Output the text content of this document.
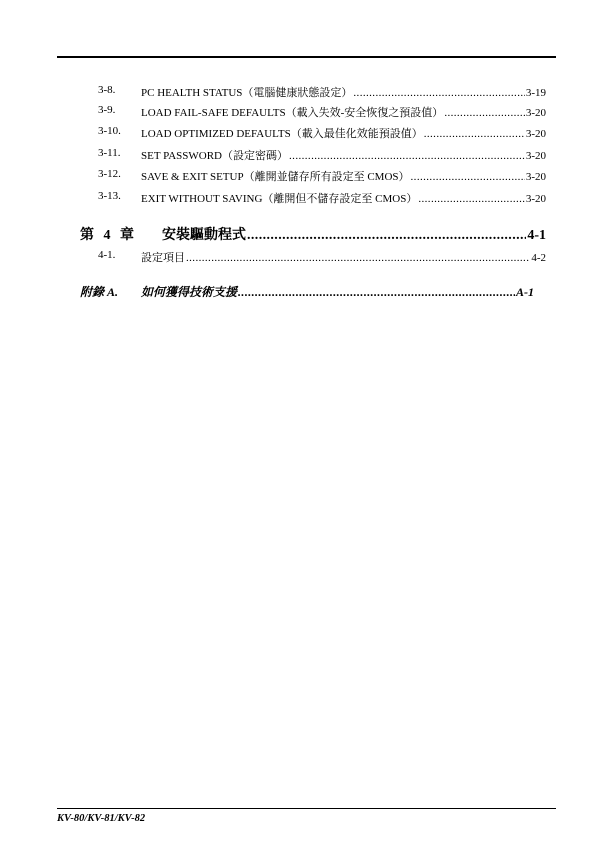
3-8. PC HEALTH STATUS（電腦健康狀態設定） .....	3-19
3-9. LOAD FAIL-SAFE DEFAULTS（載入失效-安全恢復之預設值） .....	3-20
3-10. LOAD OPTIMIZED DEFAULTS（載入最佳化效能預設值） .....	3-20
3-11. SET PASSWORD（設定密碼） .....	3-20
3-12. SAVE & EXIT SETUP（離開並儲存所有設定至 CMOS） .....	3-20
3-13. EXIT WITHOUT SAVING（離開但不儲存設定至 CMOS） .....	3-20
第 4 章 安裝驅動程式 .....	4-1
4-1. 設定項目 .....	4-2
附錄 A. 如何獲得技術支援 .....	A-1
KV-80/KV-81/KV-82
